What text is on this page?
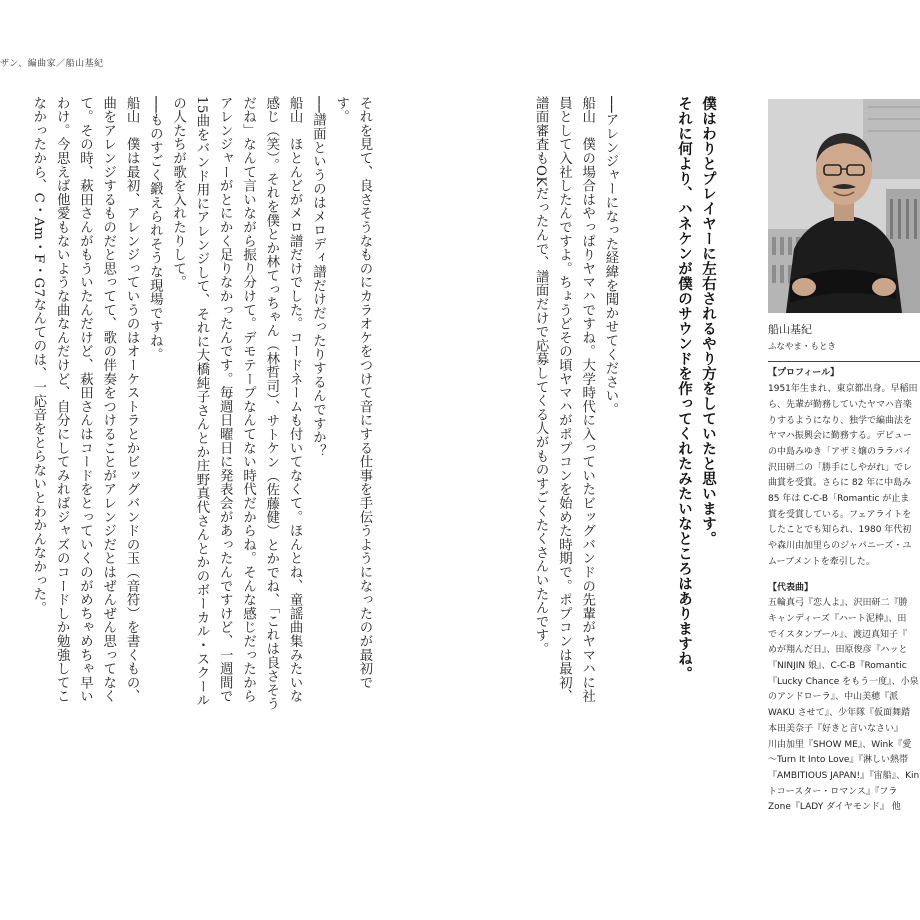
ザン、編曲家／船山基紀
それを見て、良さそうなものにカラオケをつけて音にする仕事を手伝うようになったのが最初です。
──譜面というのはメロディ譜だけだったりするんですか？
船山　ほとんどがメロ譜だけでした。コードネームも付いてなくて。ほんとね、童謡曲集みたいな感じ（笑）。それを僕とか林てっちゃん（林哲司）、サトケン（佐藤健）とかでね、「これは良さそうだね」なんて言いながら振り分けて。デモテープなんてない時代だからね。そんな感じだったからアレンジャーがとにかく足りなかったんです。毎週日曜日に発表会があったんですけど、一週間で15曲をバンド用にアレンジして、それに大橋純子さんとか庄野真代さんとかのボーカル・スクールの人たちが歌を入れたりして。
──ものすごく鍛えられそうな現場ですね。
船山　僕は最初、アレンジっていうのはオーケストラとかビッグバンドの玉（音符）を書くもの、曲をアレンジするものだと思ってて、歌の伴奏をつけることがアレンジだとはぜんぜん思ってなくて。その時、萩田さんがもういたんだけど、萩田さんはコードをとっていくのがめちゃめちゃ早いわけ。今思えば他愛もないような曲なんだけど、自分にしてみればジャズのコードしか勉強してこなかったから、C・Am・F・G7なんてのは、一応音をとらないとわかんなかった。	──アレンジャーになった経緯を聞かせてください。
船山　僕の場合はやっぱりヤマハですね。大学時代に入っていたビッグバンドの先輩がヤマハに社員として入社したんですよ。ちょうどその頃ヤマハがポプコンを始めた時期で。ポプコンは最初、譜面審査もOKだったんで、譜面だけで応募してくる人がものすごくたくさんいたんです。	僕はわりとプレイヤーに左右されるやり方をしていたと思います。
それに何より、ハネケンが僕のサウンドを作ってくれたみたいなところはありますね。	船山基紀
ふなやま・もとき
【プロフィール】
1951年生まれ、東京都出身。早稲田
ら、先輩が勤務していたヤマハ音楽
りするようになり、独学で編曲法を
ヤマハ振興会に勤務する。デビュー
の中島みゆき「アザミ嬢のララバイ
沢田研二の「勝手にしやがれ」でレ
曲賞を受賞。さらに 82 年に中島み
85 年は C-C-B「Romantic が止ま
賞を受賞している。フェアライトを
したことでも知られ、1980 年代初
や森川由加里らのジャパニーズ・ユ
ムーブメントを牽引した。
【代表曲】
五輪真弓『恋人よ』、沢田研二『勝
キャンディーズ『ハート泥棒』、田
でイスタンブール』、渡辺真知子『
めが翔んだ日』、田原俊彦『ハッと
『NINJIN 娘』、C-C-B『Romantic
『Lucky Chance をもう一度』、小泉
のアンドローラ』、中山美穂『派
WAKU させて』、少年隊『仮面舞踏
本田美奈子『好きと言いなさい』
川由加里『SHOW ME』、Wink『愛
～Turn It Into Love』『淋しい熱帯
『AMBITIOUS JAPAN!』『宙船』、Kin
トコースター・ロマンス』『フラ
Zone『LADY ダイヤモンド』 他
